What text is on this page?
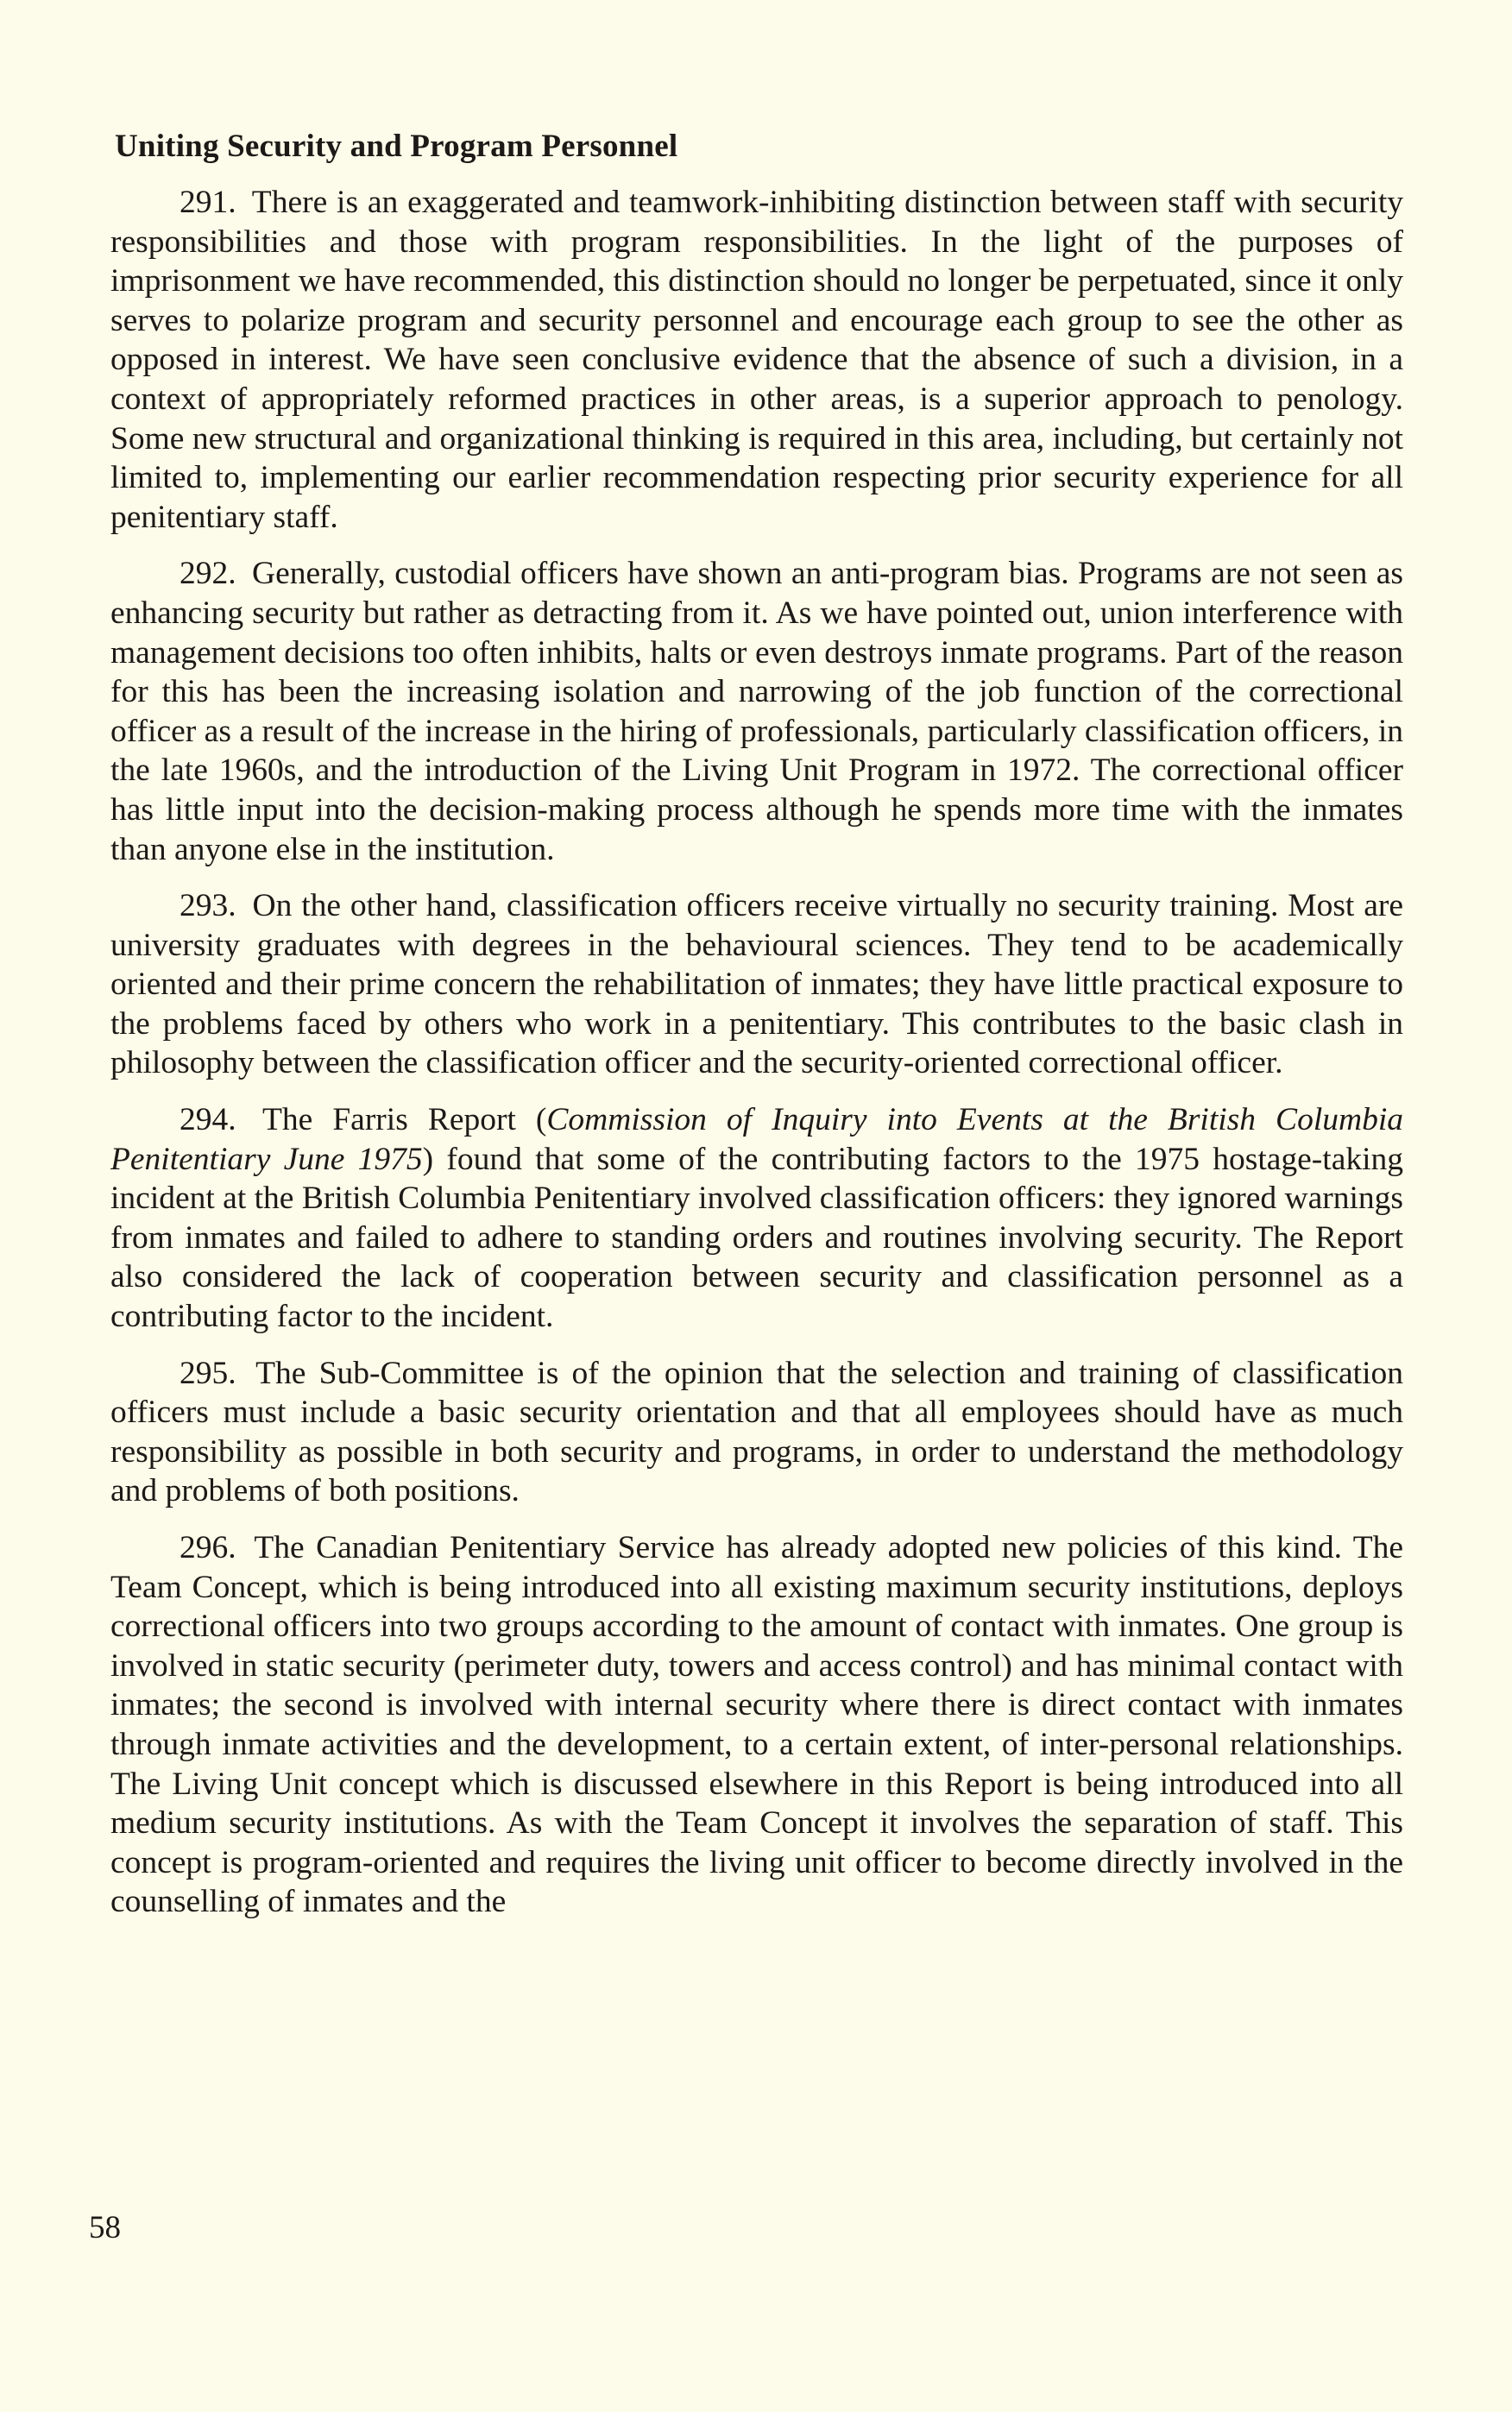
Uniting Security and Program Personnel

291. There is an exaggerated and teamwork-inhibiting distinction between staff with security responsibilities and those with program responsibilities. In the light of the purposes of imprisonment we have recommended, this distinction should no longer be perpetuated, since it only serves to polarize program and security personnel and encourage each group to see the other as opposed in interest. We have seen conclusive evidence that the absence of such a division, in a context of appropriately reformed practices in other areas, is a superior approach to penology. Some new structural and organizational thinking is required in this area, including, but certainly not limited to, implementing our earlier recommendation respecting prior security experience for all penitentiary staff.

292. Generally, custodial officers have shown an anti-program bias. Programs are not seen as enhancing security but rather as detracting from it. As we have pointed out, union interference with management decisions too often inhibits, halts or even destroys inmate programs. Part of the reason for this has been the increasing isolation and narrowing of the job function of the correctional officer as a result of the increase in the hiring of professionals, particularly classification officers, in the late 1960s, and the introduction of the Living Unit Program in 1972. The correctional officer has little input into the decision-making process although he spends more time with the inmates than anyone else in the institution.

293. On the other hand, classification officers receive virtually no security training. Most are university graduates with degrees in the behavioural sciences. They tend to be academically oriented and their prime concern the rehabilitation of inmates; they have little practical exposure to the problems faced by others who work in a penitentiary. This contributes to the basic clash in philosophy between the classification officer and the security-oriented correctional officer.

294. The Farris Report (Commission of Inquiry into Events at the British Columbia Penitentiary June 1975) found that some of the contributing factors to the 1975 hostage-taking incident at the British Columbia Penitentiary involved classification officers: they ignored warnings from inmates and failed to adhere to standing orders and routines involving security. The Report also considered the lack of cooperation between security and classification personnel as a contributing factor to the incident.

295. The Sub-Committee is of the opinion that the selection and training of classification officers must include a basic security orientation and that all employees should have as much responsibility as possible in both security and programs, in order to understand the methodology and problems of both positions.

296. The Canadian Penitentiary Service has already adopted new policies of this kind. The Team Concept, which is being introduced into all existing maximum security institutions, deploys correctional officers into two groups according to the amount of contact with inmates. One group is involved in static security (perimeter duty, towers and access control) and has minimal contact with inmates; the second is involved with internal security where there is direct contact with inmates through inmate activities and the development, to a certain extent, of inter-personal relationships. The Living Unit concept which is discussed elsewhere in this Report is being introduced into all medium security institutions. As with the Team Concept it involves the separation of staff. This concept is program-oriented and requires the living unit officer to become directly involved in the counselling of inmates and the

58
